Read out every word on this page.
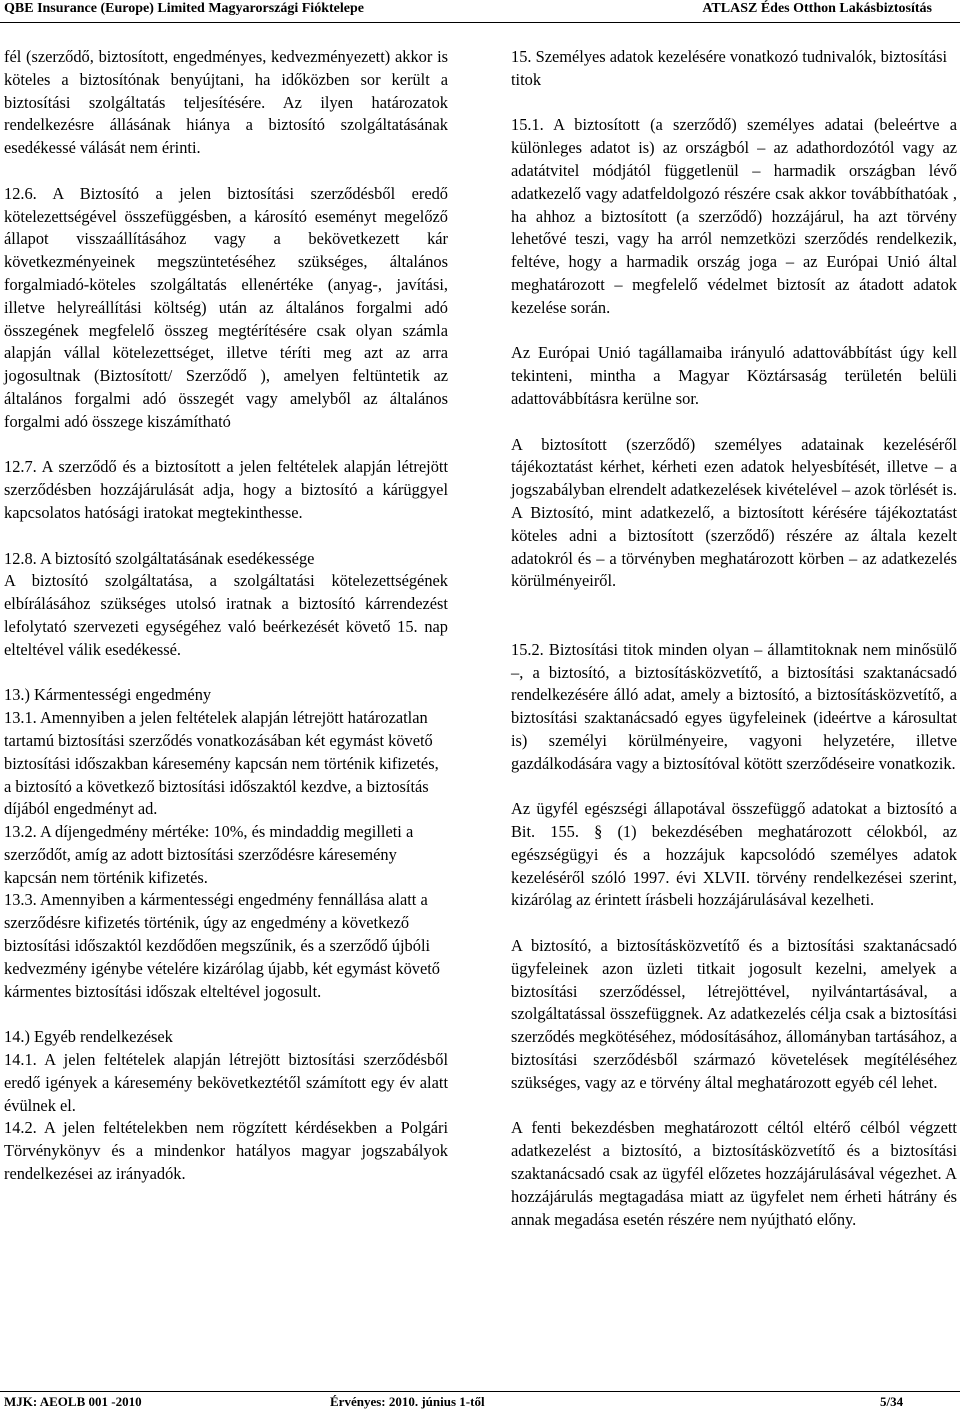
QBE Insurance (Europe) Limited Magyarországi Fióktelepe	ATLASZ Édes Otthon Lakásbiztosítás

fél (szerződő, biztosított, engedményes, kedvezményezett) akkor is köteles a biztosítónak benyújtani, ha időközben sor került a biztosítási szolgáltatás teljesítésére. Az ilyen határozatok rendelkezésre állásának hiánya a biztosító szolgáltatásának esedékessé válását nem érinti.

12.6. A Biztosító a jelen biztosítási szerződésből eredő kötelezettségével összefüggésben, a károsító eseményt megelőző állapot visszaállításához vagy a bekövetkezett kár következményeinek megszüntetéséhez szükséges, általános forgalmiadó-köteles szolgáltatás ellenértéke (anyag-, javítási, illetve helyreállítási költség) után az általános forgalmi adó összegének megfelelő összeg megtérítésére csak olyan számla alapján vállal kötelezettséget, illetve téríti meg azt az arra jogosultnak (Biztosított/ Szerződő ), amelyen feltüntetik az általános forgalmi adó összegét vagy amelyből az általános forgalmi adó összege kiszámítható

12.7. A szerződő és a biztosított a jelen feltételek alapján létrejött szerződésben hozzájárulását adja, hogy a biztosító a kárüggyel kapcsolatos hatósági iratokat megtekinthesse.

12.8. A biztosító szolgáltatásának esedékessége

A biztosító szolgáltatása, a szolgáltatási kötelezettségének elbírálásához szükséges utolsó iratnak a biztosító kárrendezést lefolytató szervezeti egységéhez való beérkezését követő 15. nap elteltével válik esedékessé.

13.) Kármentességi engedmény

13.1. Amennyiben a jelen feltételek alapján létrejött határozatlan tartamú biztosítási szerződés vonatkozásában két egymást követő biztosítási időszakban káresemény kapcsán nem történik kifizetés, a biztosító a következő biztosítási időszaktól kezdve, a biztosítás díjából engedményt ad.

13.2. A díjengedmény mértéke: 10%, és mindaddig megilleti a szerződőt, amíg az adott biztosítási szerződésre káresemény kapcsán nem történik kifizetés.

13.3. Amennyiben a kármentességi engedmény fennállása alatt a szerződésre kifizetés történik, úgy az engedmény a következő biztosítási időszaktól kezdődően megszűnik, és a szerződő újbóli kedvezmény igénybe vételére kizárólag újabb, két egymást követő kármentes biztosítási időszak elteltével jogosult.

14.) Egyéb rendelkezések

14.1. A jelen feltételek alapján létrejött biztosítási szerződésből eredő igények a káresemény bekövetkeztétől számított egy év alatt évülnek el.

14.2. A jelen feltételekben nem rögzített kérdésekben a Polgári Törvénykönyv és a mindenkor hatályos magyar jogszabályok rendelkezései az irányadók.

15. Személyes adatok kezelésére vonatkozó tudnivalók, biztosítási titok

15.1. A biztosított (a szerződő) személyes adatai (beleértve a különleges adatot is) az országból – az adathordozótól vagy az adatátvitel módjától függetlenül – harmadik országban lévő adatkezelő vagy adatfeldolgozó részére csak akkor továbbíthatóak , ha ahhoz a biztosított (a szerződő) hozzájárul, ha azt törvény lehetővé teszi, vagy ha arról nemzetközi szerződés rendelkezik, feltéve, hogy a harmadik ország joga – az Európai Unió által meghatározott – megfelelő védelmet biztosít az átadott adatok kezelése során.

Az Európai Unió tagállamaiba irányuló adattovábbítást úgy kell tekinteni, mintha a Magyar Köztársaság területén belüli adattovábbításra kerülne sor.

A biztosított (szerződő) személyes adatainak kezeléséről tájékoztatást kérhet, kérheti ezen adatok helyesbítését, illetve – a jogszabályban elrendelt adatkezelések kivételével – azok törlését is. A Biztosító, mint adatkezelő, a biztosított kérésére tájékoztatást köteles adni a biztosított (szerződő) részére az általa kezelt adatokról és – a törvényben meghatározott körben – az adatkezelés körülményeiről.

15.2. Biztosítási titok minden olyan – államtitoknak nem minősülő –, a biztosító, a biztosításközvetítő, a biztosítási szaktanácsadó rendelkezésére álló adat, amely a biztosító, a biztosításközvetítő, a biztosítási szaktanácsadó egyes ügyfeleinek (ideértve a károsultat is) személyi körülményeire, vagyoni helyzetére, illetve gazdálkodására vagy a biztosítóval kötött szerződéseire vonatkozik.

Az ügyfél egészségi állapotával összefüggő adatokat a biztosító a Bit. 155. § (1) bekezdésében meghatározott célokból, az egészségügyi és a hozzájuk kapcsolódó személyes adatok kezeléséről szóló 1997. évi XLVII. törvény rendelkezései szerint, kizárólag az érintett írásbeli hozzájárulásával kezelheti.

A biztosító, a biztosításközvetítő és a biztosítási szaktanácsadó ügyfeleinek azon üzleti titkait jogosult kezelni, amelyek a biztosítási szerződéssel, létrejöttével, nyilvántartásával, a szolgáltatással összefüggnek. Az adatkezelés célja csak a biztosítási szerződés megkötéséhez, módosításához, állományban tartásához, a biztosítási szerződésből származó követelések megítéléséhez szükséges, vagy az e törvény által meghatározott egyéb cél lehet.

A fenti bekezdésben meghatározott céltól eltérő célból végzett adatkezelést a biztosító, a biztosításközvetítő és a biztosítási szaktanácsadó csak az ügyfél előzetes hozzájárulásával végezhet. A hozzájárulás megtagadása miatt az ügyfelet nem érheti hátrány és annak megadása esetén részére nem nyújtható előny.

MJK: AEOLB 001 -2010	Érvényes: 2010. június 1-től	5/34
